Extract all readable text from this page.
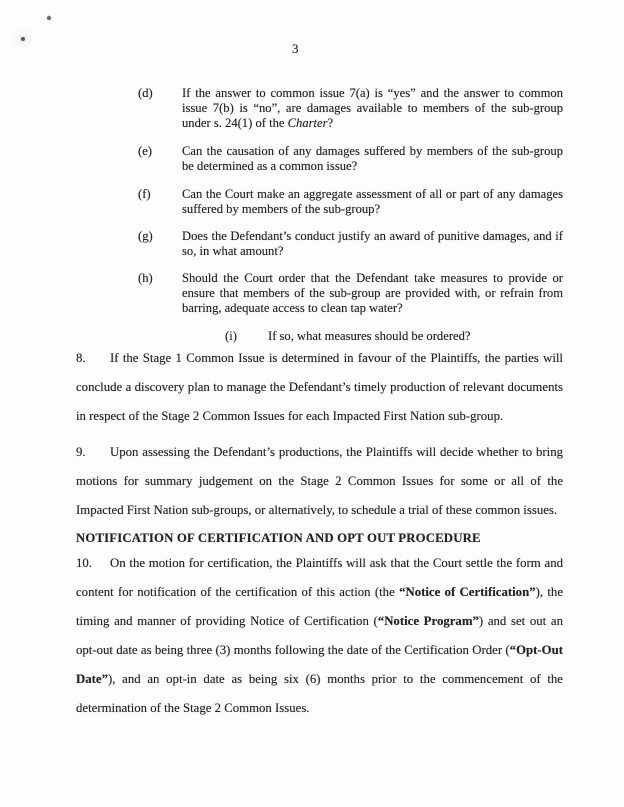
3
(d)	If the answer to common issue 7(a) is “yes” and the answer to common issue 7(b) is “no”, are damages available to members of the sub-group under s. 24(1) of the Charter?
(e)	Can the causation of any damages suffered by members of the sub-group be determined as a common issue?
(f)	Can the Court make an aggregate assessment of all or part of any damages suffered by members of the sub-group?
(g)	Does the Defendant’s conduct justify an award of punitive damages, and if so, in what amount?
(h)	Should the Court order that the Defendant take measures to provide or ensure that members of the sub-group are provided with, or refrain from barring, adequate access to clean tap water?
(i)	If so, what measures should be ordered?

8. If the Stage 1 Common Issue is determined in favour of the Plaintiffs, the parties will conclude a discovery plan to manage the Defendant’s timely production of relevant documents in respect of the Stage 2 Common Issues for each Impacted First Nation sub-group.

9. Upon assessing the Defendant’s productions, the Plaintiffs will decide whether to bring motions for summary judgement on the Stage 2 Common Issues for some or all of the Impacted First Nation sub-groups, or alternatively, to schedule a trial of these common issues.

NOTIFICATION OF CERTIFICATION AND OPT OUT PROCEDURE

10. On the motion for certification, the Plaintiffs will ask that the Court settle the form and content for notification of the certification of this action (the “Notice of Certification”), the timing and manner of providing Notice of Certification (“Notice Program”) and set out an opt-out date as being three (3) months following the date of the Certification Order (“Opt-Out Date”), and an opt-in date as being six (6) months prior to the commencement of the determination of the Stage 2 Common Issues.
